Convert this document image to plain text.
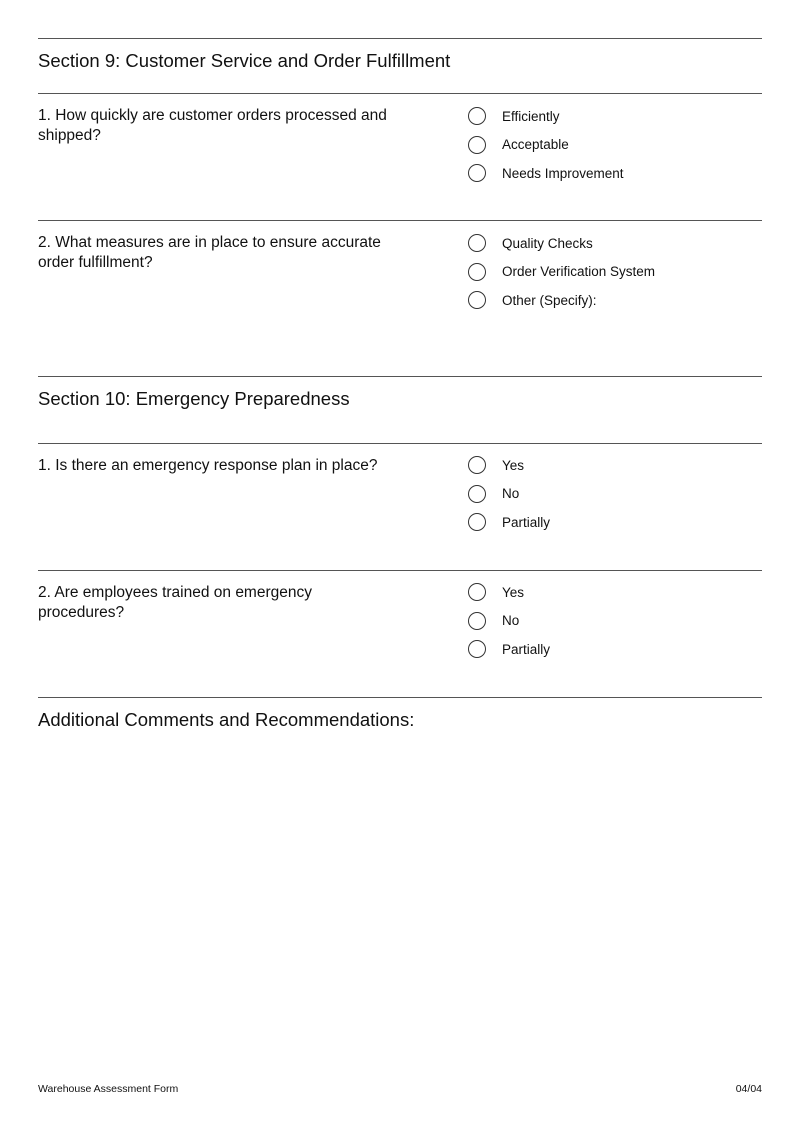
Section 9: Customer Service and Order Fulfillment
1. How quickly are customer orders processed and shipped?
Efficiently
Acceptable
Needs Improvement
2. What measures are in place to ensure accurate order fulfillment?
Quality Checks
Order Verification System
Other (Specify):
Section 10: Emergency Preparedness
1. Is there an emergency response plan in place?	Yes
No
Partially
2. Are employees trained on emergency procedures?
Yes
No
Partially
Additional Comments and Recommendations:
Warehouse Assessment Form	04/04
